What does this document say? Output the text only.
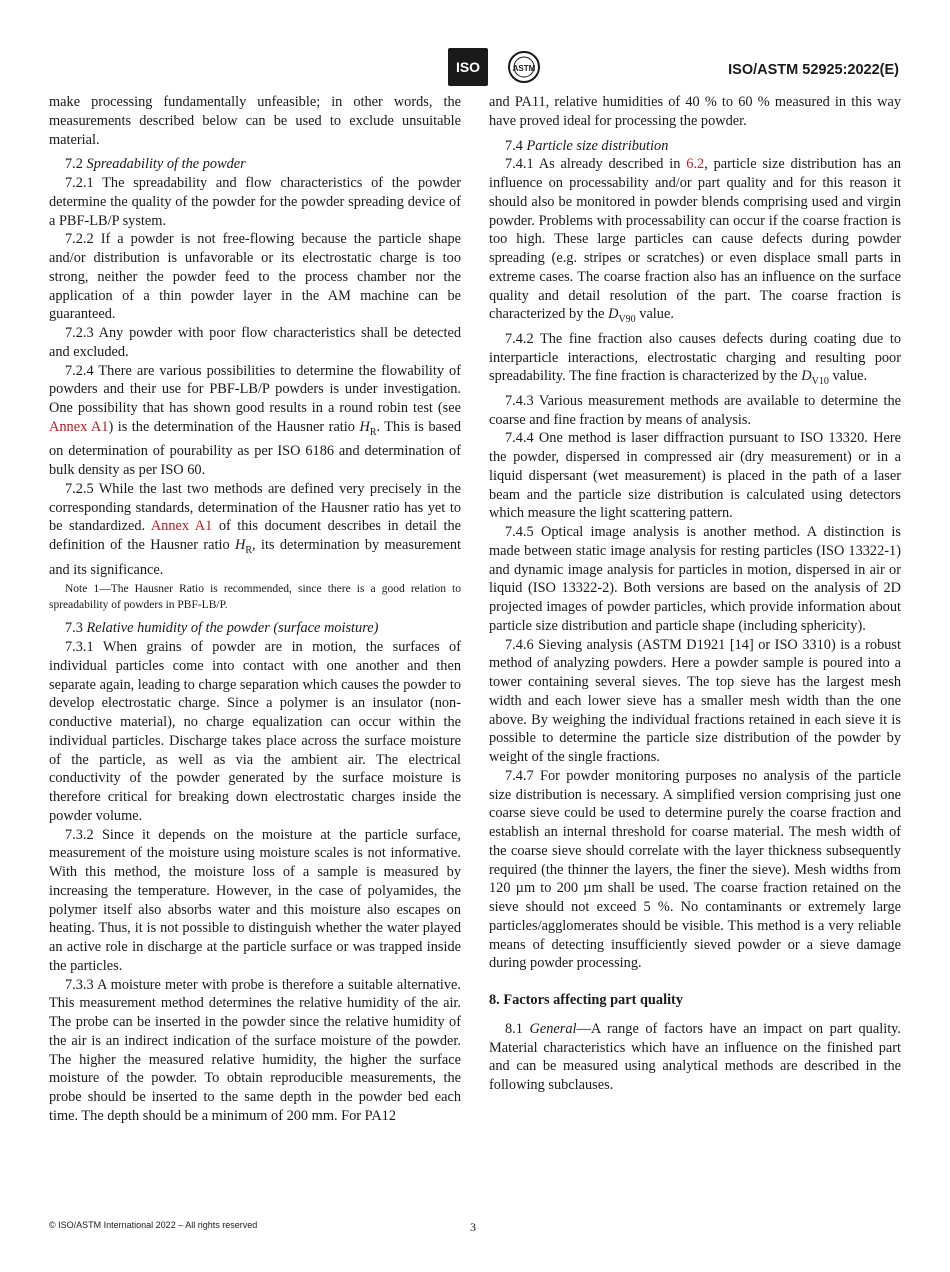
ISO	ASTM	ISO/ASTM 52925:2022(E)

make processing fundamentally unfeasible; in other words, the measurements described below can be used to exclude unsuitable material.

7.2 Spreadability of the powder

7.2.1 The spreadability and flow characteristics of the powder determine the quality of the powder for the powder spreading device of a PBF-LB/P system.

7.2.2 If a powder is not free-flowing because the particle shape and/or distribution is unfavorable or its electrostatic charge is too strong, neither the powder feed to the process chamber nor the application of a thin powder layer in the AM machine can be guaranteed.

7.2.3 Any powder with poor flow characteristics shall be detected and excluded.

7.2.4 There are various possibilities to determine the flowability of powders and their use for PBF-LB/P powders is under investigation. One possibility that has shown good results in a round robin test (see Annex A1) is the determination of the Hausner ratio $H_R$. This is based on determination of pourability as per ISO 6186 and determination of bulk density as per ISO 60.

7.2.5 While the last two methods are defined very precisely in the corresponding standards, determination of the Hausner ratio has yet to be standardized. Annex A1 of this document describes in detail the definition of the Hausner ratio $H_R$, its determination by measurement and its significance.

Note 1—The Hausner Ratio is recommended, since there is a good relation to spreadability of powders in PBF-LB/P.

7.3 Relative humidity of the powder (surface moisture)

7.3.1 When grains of powder are in motion, the surfaces of individual particles come into contact with one another and then separate again, leading to charge separation which causes the powder to develop electrostatic charge. Since a polymer is an insulator (non-conductive material), no charge equalization can occur within the individual particles. Discharge takes place across the surface moisture of the particle, as well as via the ambient air. The electrical conductivity of the powder generated by the surface moisture is therefore critical for breaking down electrostatic charges inside the powder volume.

7.3.2 Since it depends on the moisture at the particle surface, measurement of the moisture using moisture scales is not informative. With this method, the moisture loss of a sample is measured by increasing the temperature. However, in the case of polyamides, the polymer itself also absorbs water and this moisture also escapes on heating. Thus, it is not possible to distinguish whether the water played an active role in discharge at the particle surface or was trapped inside the particles.

7.3.3 A moisture meter with probe is therefore a suitable alternative. This measurement method determines the relative humidity of the air. The probe can be inserted in the powder since the relative humidity of the air is an indirect indication of the surface moisture of the powder. The higher the measured relative humidity, the higher the surface moisture of the powder. To obtain reproducible measurements, the probe should be inserted to the same depth in the powder bed each time. The depth should be a minimum of 200 mm. For PA12

and PA11, relative humidities of 40 % to 60 % measured in this way have proved ideal for processing the powder.

7.4 Particle size distribution

7.4.1 As already described in 6.2, particle size distribution has an influence on processability and/or part quality and for this reason it should also be monitored in powder blends comprising used and virgin powder. Problems with processability can occur if the coarse fraction is too high. These large particles can cause defects during powder spreading (e.g. stripes or scratches) or even displace small parts in extreme cases. The coarse fraction also has an influence on the surface quality and detail resolution of the part. The coarse fraction is characterized by the $D_{V90}$ value.

7.4.2 The fine fraction also causes defects during coating due to interparticle interactions, electrostatic charging and resulting poor spreadability. The fine fraction is characterized by the $D_{V10}$ value.

7.4.3 Various measurement methods are available to determine the coarse and fine fraction by means of analysis.

7.4.4 One method is laser diffraction pursuant to ISO 13320. Here the powder, dispersed in compressed air (dry measurement) or in a liquid dispersant (wet measurement) is placed in the path of a laser beam and the particle size distribution is calculated using detectors which measure the light scattering pattern.

7.4.5 Optical image analysis is another method. A distinction is made between static image analysis for resting particles (ISO 13322-1) and dynamic image analysis for particles in motion, dispersed in air or liquid (ISO 13322-2). Both versions are based on the analysis of 2D projected images of powder particles, which provide information about particle size distribution and particle shape (including sphericity).

7.4.6 Sieving analysis (ASTM D1921 [14] or ISO 3310) is a robust method of analyzing powders. Here a powder sample is poured into a tower containing several sieves. The top sieve has the largest mesh width and each lower sieve has a smaller mesh width than the one above. By weighing the individual fractions retained in each sieve it is possible to determine the particle size distribution of the powder by weight of the single fractions.

7.4.7 For powder monitoring purposes no analysis of the particle size distribution is necessary. A simplified version comprising just one coarse sieve could be used to determine purely the coarse fraction and establish an internal threshold for coarse material. The mesh width of the coarse sieve should correlate with the layer thickness subsequently required (the thinner the layers, the finer the sieve). Mesh widths from 120 µm to 200 µm shall be used. The coarse fraction retained on the sieve should not exceed 5 %. No contaminants or extremely large particles/agglomerates should be visible. This method is a very reliable means of detecting insufficiently sieved powder or a sieve damage during powder processing.

8. Factors affecting part quality

8.1 General—A range of factors have an impact on part quality. Material characteristics which have an influence on the finished part and can be measured using analytical methods are described in the following subclauses.

© ISO/ASTM International 2022 – All rights reserved	3
